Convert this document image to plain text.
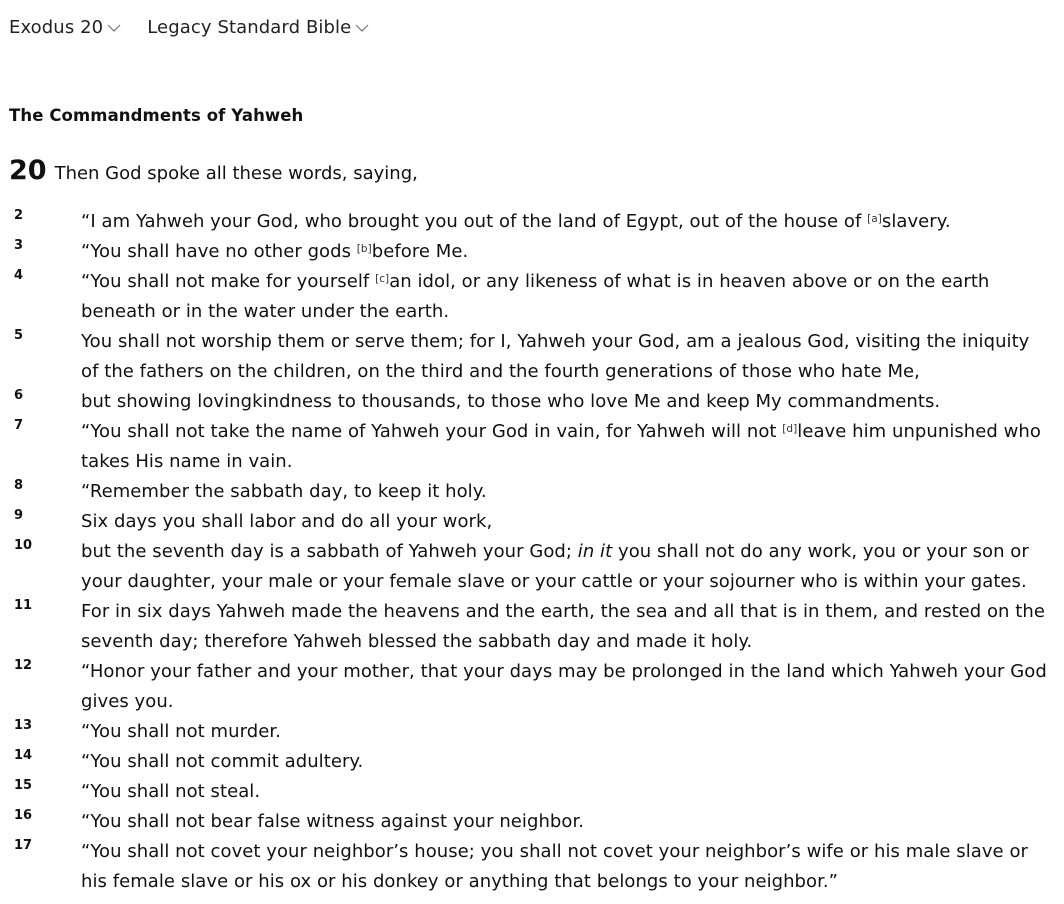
Exodus 20 Legacy Standard Bible
The Commandments of Yahweh
20 Then God spoke all these words, saying,
2	“I am Yahweh your God, who brought you out of the land of Egypt, out of the house of [a]slavery.
3	“You shall have no other gods [b]before Me.
4	“You shall not make for yourself [c]an idol, or any likeness of what is in heaven above or on the earth beneath or in the water under the earth.
5	You shall not worship them or serve them; for I, Yahweh your God, am a jealous God, visiting the iniquity of the fathers on the children, on the third and the fourth generations of those who hate Me,
6	but showing lovingkindness to thousands, to those who love Me and keep My commandments.
7	“You shall not take the name of Yahweh your God in vain, for Yahweh will not [d]leave him unpunished who takes His name in vain.
8	“Remember the sabbath day, to keep it holy.
9	Six days you shall labor and do all your work,
10	but the seventh day is a sabbath of Yahweh your God; in it you shall not do any work, you or your son or your daughter, your male or your female slave or your cattle or your sojourner who is within your gates.
11	For in six days Yahweh made the heavens and the earth, the sea and all that is in them, and rested on the seventh day; therefore Yahweh blessed the sabbath day and made it holy.
12	“Honor your father and your mother, that your days may be prolonged in the land which Yahweh your God gives you.
13	“You shall not murder.
14	“You shall not commit adultery.
15	“You shall not steal.
16	“You shall not bear false witness against your neighbor.
17	“You shall not covet your neighbor’s house; you shall not covet your neighbor’s wife or his male slave or his female slave or his ox or his donkey or anything that belongs to your neighbor.”
